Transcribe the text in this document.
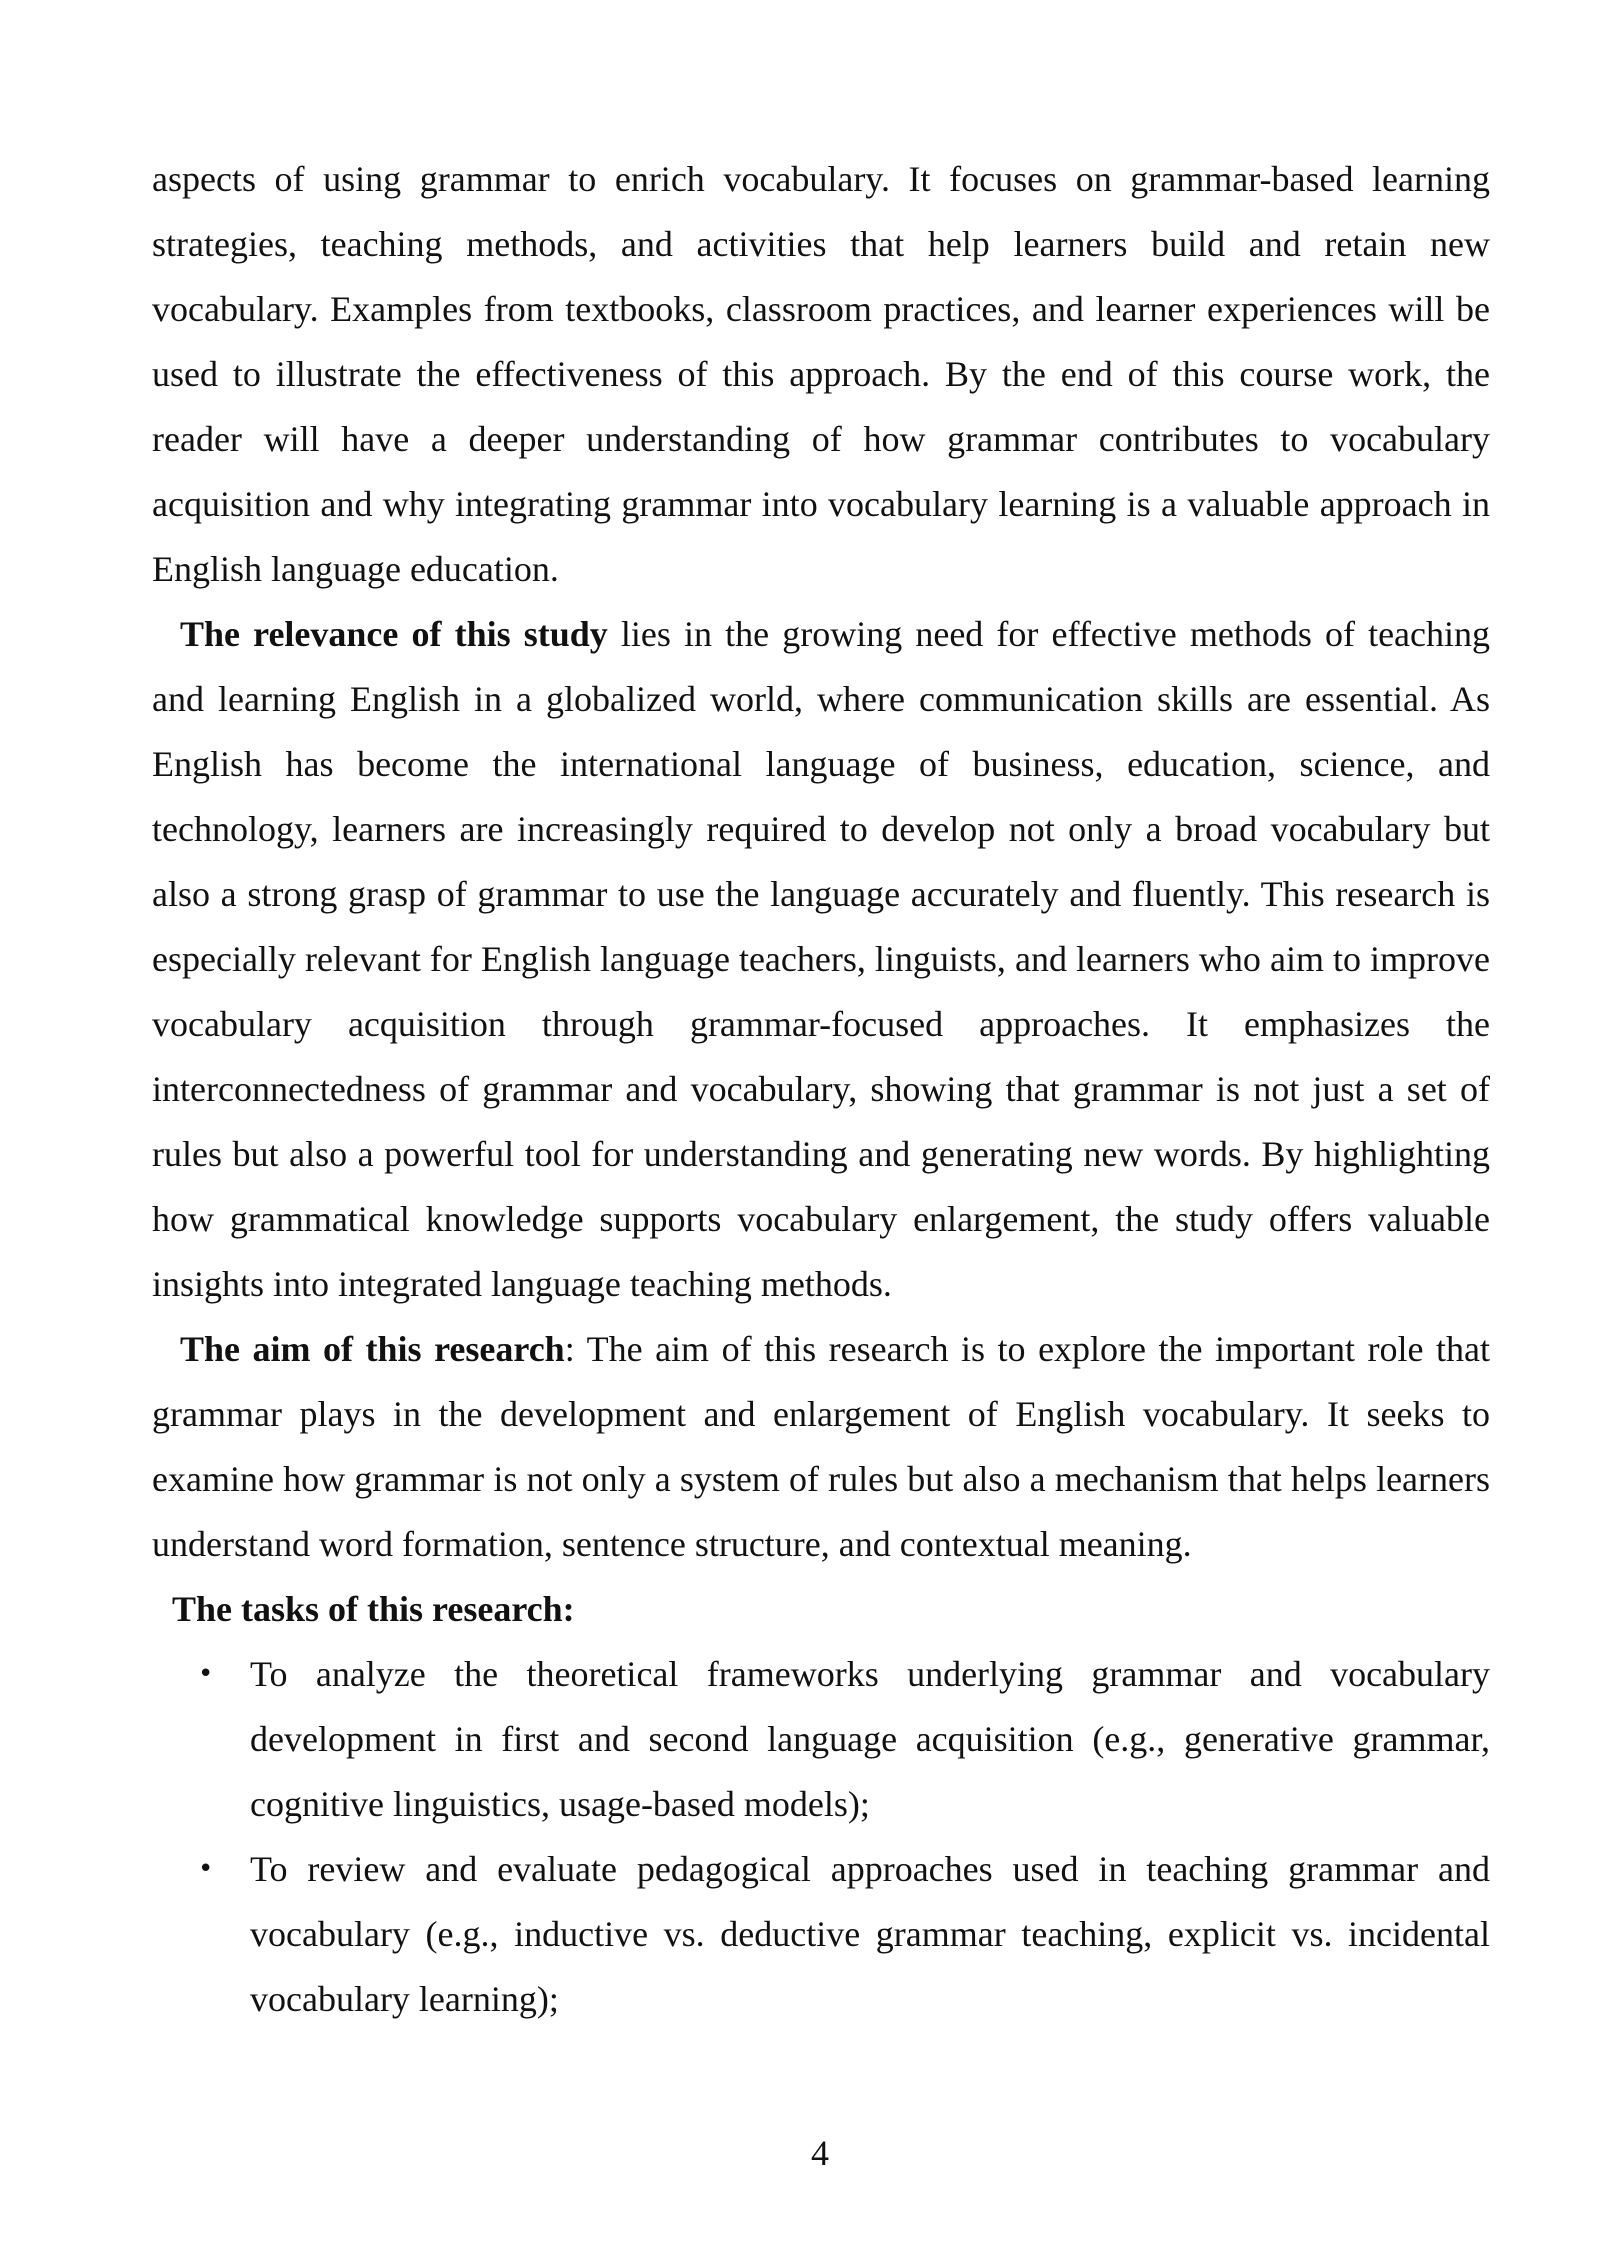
aspects of using grammar to enrich vocabulary. It focuses on grammar-based learning strategies, teaching methods, and activities that help learners build and retain new vocabulary. Examples from textbooks, classroom practices, and learner experiences will be used to illustrate the effectiveness of this approach. By the end of this course work, the reader will have a deeper understanding of how grammar contributes to vocabulary acquisition and why integrating grammar into vocabulary learning is a valuable approach in English language education.

The relevance of this study lies in the growing need for effective methods of teaching and learning English in a globalized world, where communication skills are essential. As English has become the international language of business, education, science, and technology, learners are increasingly required to develop not only a broad vocabulary but also a strong grasp of grammar to use the language accurately and fluently. This research is especially relevant for English language teachers, linguists, and learners who aim to improve vocabulary acquisition through grammar-focused approaches. It emphasizes the interconnectedness of grammar and vocabulary, showing that grammar is not just a set of rules but also a powerful tool for understanding and generating new words. By highlighting how grammatical knowledge supports vocabulary enlargement, the study offers valuable insights into integrated language teaching methods.

The aim of this research: The aim of this research is to explore the important role that grammar plays in the development and enlargement of English vocabulary. It seeks to examine how grammar is not only a system of rules but also a mechanism that helps learners understand word formation, sentence structure, and contextual meaning.

The tasks of this research:

• To analyze the theoretical frameworks underlying grammar and vocabulary development in first and second language acquisition (e.g., generative grammar, cognitive linguistics, usage-based models);
• To review and evaluate pedagogical approaches used in teaching grammar and vocabulary (e.g., inductive vs. deductive grammar teaching, explicit vs. incidental vocabulary learning);
4
